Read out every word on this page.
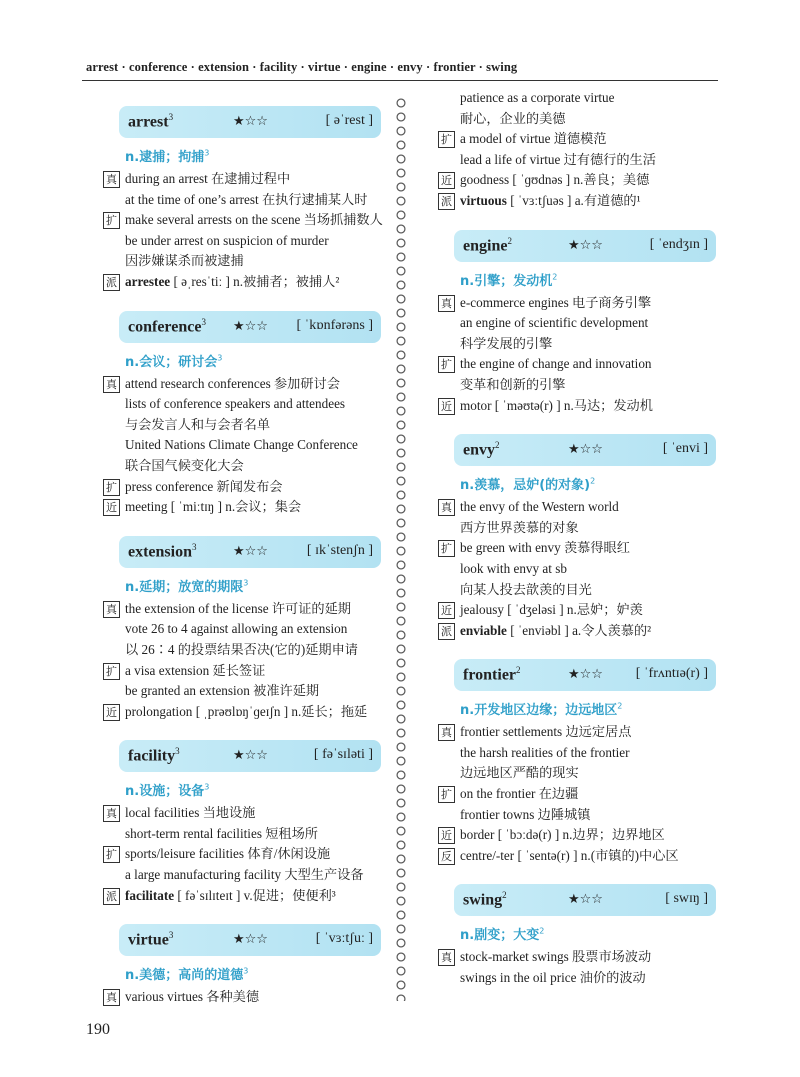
arrest · conference · extension · facility · virtue · engine · envy · frontier · swing
arrest$^3$	★☆☆	[ əˈrest ]
n.逮捕；拘捕$^3$
真 during an arrest 在逮捕过程中
at the time of one’s arrest 在执行逮捕某人时
扩 make several arrests on the scene 当场抓捕数人
be under arrest on suspicion of murder
因涉嫌谋杀而被逮捕
派 arrestee [ əˌresˈtiː ] n.被捕者；被捕人²
conference$^3$ ★☆☆ [ ˈkɒnfərəns ]
n.会议；研讨会$^3$
真 attend research conferences 参加研讨会
lists of conference speakers and attendees
与会发言人和与会者名单
United Nations Climate Change Conference
联合国气候变化大会
扩 press conference 新闻发布会
近 meeting [ ˈmiːtɪŋ ] n.会议；集会
extension$^3$	★☆☆	[ ɪkˈstenʃn ]
n.延期；放宽的期限$^3$
真 the extension of the license 许可证的延期
vote 26 to 4 against allowing an extension
以 26∶4 的投票结果否决(它的)延期申请
扩 a visa extension 延长签证
be granted an extension 被准许延期
近 prolongation [ ˌprəʊlɒŋˈɡeɪʃn ] n.延长；拖延
facility$^3$	★☆☆	[ fəˈsɪləti ]
n.设施；设备$^3$
真 local facilities 当地设施
short-term rental facilities 短租场所
扩 sports/leisure facilities 体育/休闲设施
a large manufacturing facility 大型生产设备
派 facilitate [ fəˈsɪlɪteɪt ] v.促进；使便利³
virtue$^3$	★☆☆	[ ˈvɜːtʃuː ]
n.美德；高尚的道德$^3$
真 various virtues 各种美德
patience as a corporate virtue
耐心，企业的美德
扩 a model of virtue 道德模范
lead a life of virtue 过有德行的生活
近 goodness [ ˈɡʊdnəs ] n.善良；美德
派 virtuous [ ˈvɜːtʃuəs ] a.有道德的¹
engine$^2$	★☆☆	[ ˈendʒɪn ]
n.引擎；发动机$^2$
真 e-commerce engines 电子商务引擎
an engine of scientific development
科学发展的引擎
扩 the engine of change and innovation
变革和创新的引擎
近 motor [ ˈməʊtə(r) ] n.马达；发动机
envy$^2$	★☆☆	[ ˈenvi ]
n.羡慕，忌妒(的对象)$^2$
真 the envy of the Western world
西方世界羡慕的对象
扩 be green with envy 羡慕得眼红
look with envy at sb
向某人投去歆羡的目光
近 jealousy [ ˈdʒeləsi ] n.忌妒；妒羡
派 enviable [ ˈenviəbl ] a.令人羡慕的²
frontier$^2$	★☆☆ [ ˈfrʌntɪə(r) ]
n.开发地区边缘；边远地区$^2$
真 frontier settlements 边远定居点
the harsh realities of the frontier
边远地区严酷的现实
扩 on the frontier 在边疆
frontier towns 边陲城镇
近 border [ ˈbɔːdə(r) ] n.边界；边界地区
反 centre/-ter [ ˈsentə(r) ] n.(市镇的)中心区
swing$^2$	★☆☆	[ swɪŋ ]
n.剧变；大变$^2$
真 stock-market swings 股票市场波动
swings in the oil price 油价的波动
190
